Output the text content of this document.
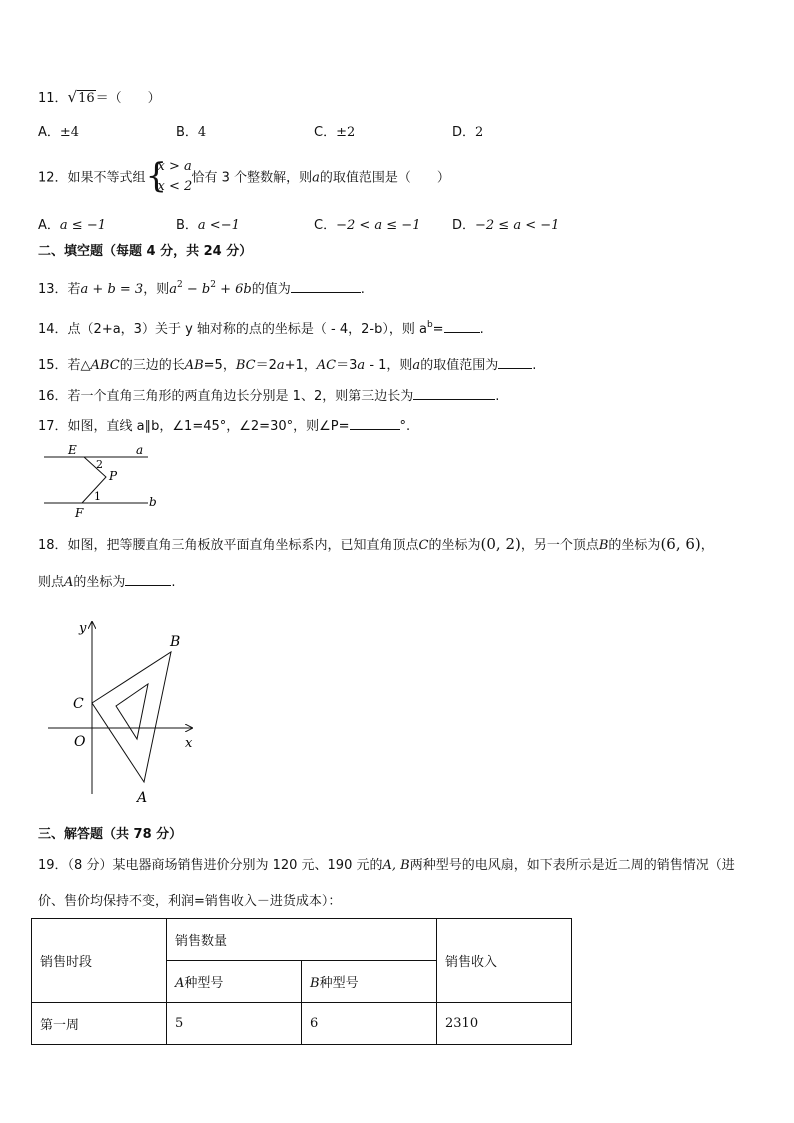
11．√16＝（　　）
A．±4	B．4	C．±2	D．2
12．如果不等式组 {
x > a
x < 2
恰有 3 个整数解，则a的取值范围是（　　）
A．a ≤ −1	B．a <−1	C．−2 < a ≤ −1 D．−2 ≤ a < −1
二、填空题（每题 4 分，共 24 分）
13．若a + b = 3，则$a^2 - b^2 + 6b$的值为	.
14．点（2+a，3）关于 y 轴对称的点的坐标是（ - 4，2-b），则 $a^b=$	.
15．若△ABC的三边的长AB=5，BC＝2a+1，AC＝3a - 1，则a的取值范围为	.
16．若一个直角三角形的两直角边长分别是 1、2，则第三边长为	.
17．如图，直线 a∥b，∠1=45°，∠2=30°，则∠P=	°.
E	a
2
P
1	b
F
18．如图，把等腰直角三角板放平面直角坐标系内，已知直角顶点C的坐标为(0, 2)，另一个顶点B的坐标为(6, 6)，
则点A的坐标为	.
y
x
B
C
O
A
三、解答题（共 78 分）
19．（8 分）某电器商场销售进价分别为 120 元、190 元的A, B两种型号的电风扇，如下表所示是近二周的销售情况（进
价、售价均保持不变，利润=销售收入－进货成本）：
销售时段	销售数量		销售收入
	A种型号	B种型号	
第一周	5	6	2310
